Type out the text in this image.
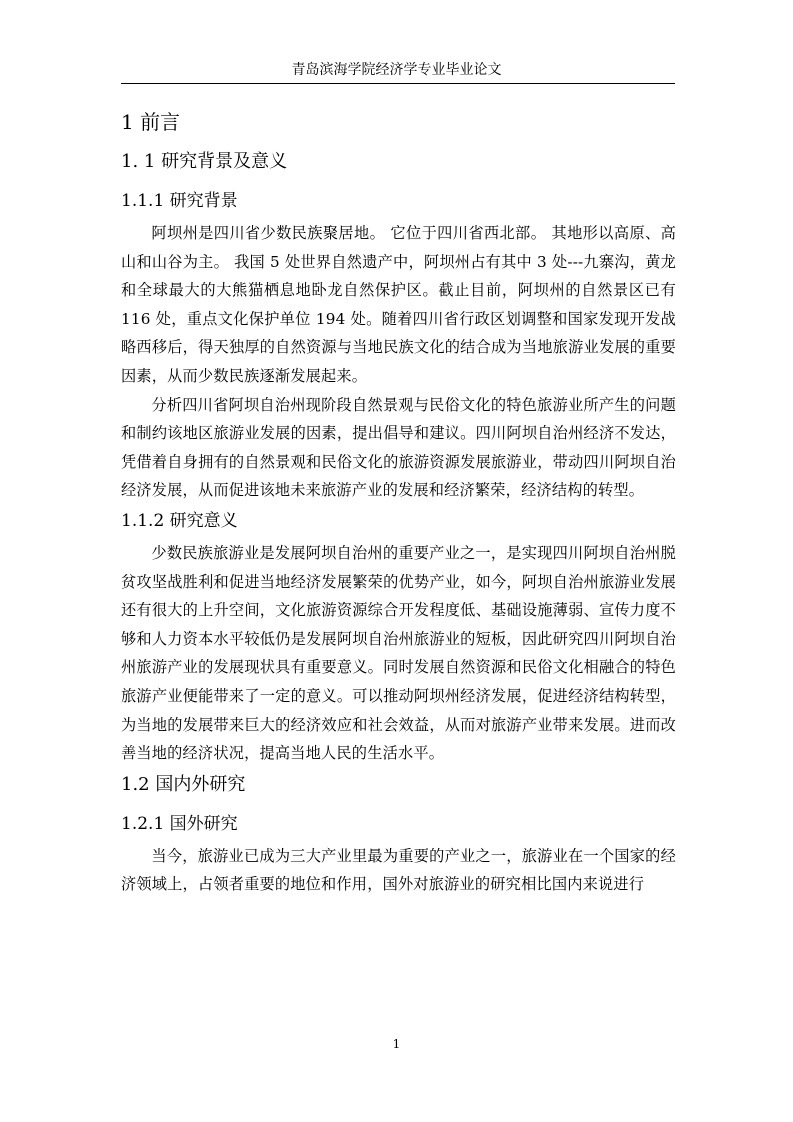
青岛滨海学院经济学专业毕业论文
1 前言
1. 1 研究背景及意义
1.1.1 研究背景

阿坝州是四川省少数民族聚居地。 它位于四川省西北部。 其地形以高原、高山和山谷为主。 我国 5 处世界自然遗产中，阿坝州占有其中 3 处---九寨沟，黄龙和全球最大的大熊猫栖息地卧龙自然保护区。截止目前，阿坝州的自然景区已有 116 处，重点文化保护单位 194 处。随着四川省行政区划调整和国家发现开发战略西移后，得天独厚的自然资源与当地民族文化的结合成为当地旅游业发展的重要因素，从而少数民族逐渐发展起来。

分析四川省阿坝自治州现阶段自然景观与民俗文化的特色旅游业所产生的问题和制约该地区旅游业发展的因素，提出倡导和建议。四川阿坝自治州经济不发达，凭借着自身拥有的自然景观和民俗文化的旅游资源发展旅游业，带动四川阿坝自治经济发展，从而促进该地未来旅游产业的发展和经济繁荣，经济结构的转型。

1.1.2 研究意义

少数民族旅游业是发展阿坝自治州的重要产业之一，是实现四川阿坝自治州脱贫攻坚战胜利和促进当地经济发展繁荣的优势产业，如今，阿坝自治州旅游业发展还有很大的上升空间，文化旅游资源综合开发程度低、基础设施薄弱、宣传力度不够和人力资本水平较低仍是发展阿坝自治州旅游业的短板，因此研究四川阿坝自治州旅游产业的发展现状具有重要意义。同时发展自然资源和民俗文化相融合的特色旅游产业便能带来了一定的意义。可以推动阿坝州经济发展，促进经济结构转型，为当地的发展带来巨大的经济效应和社会效益，从而对旅游产业带来发展。进而改善当地的经济状况，提高当地人民的生活水平。

1.2 国内外研究
1.2.1 国外研究

当今，旅游业已成为三大产业里最为重要的产业之一，旅游业在一个国家的经济领域上，占领者重要的地位和作用，国外对旅游业的研究相比国内来说进行

1
